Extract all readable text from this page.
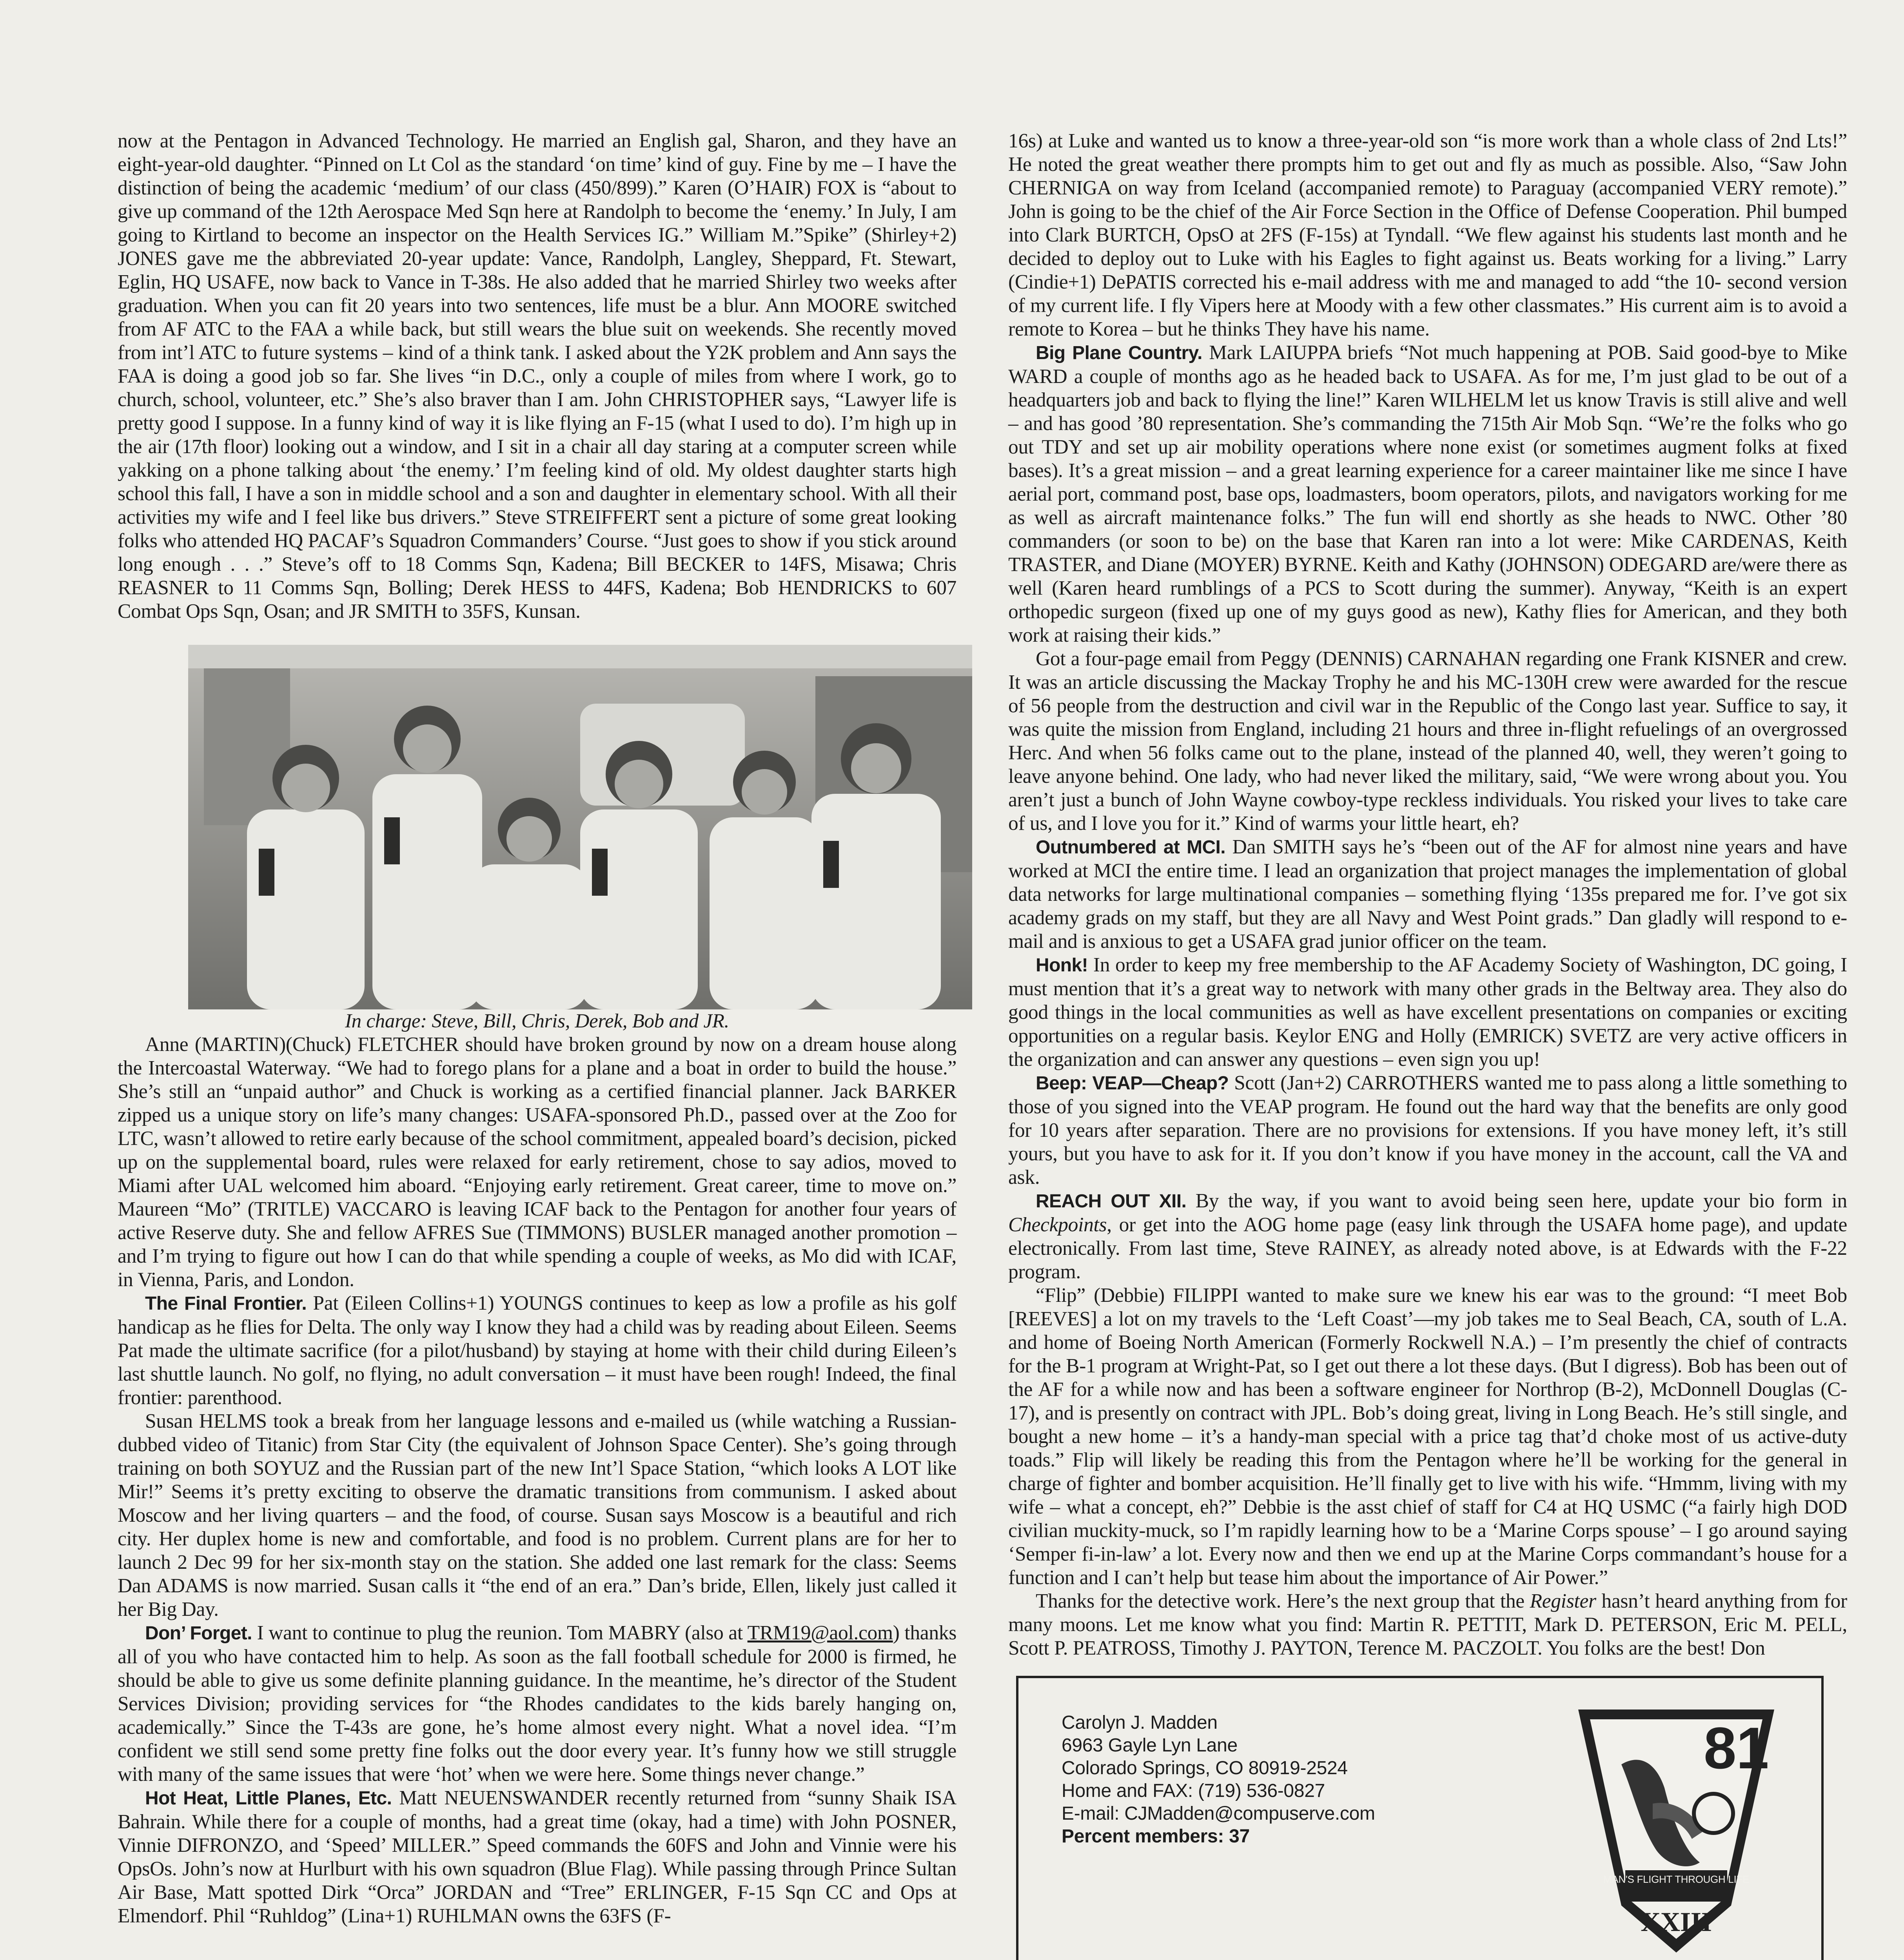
now at the Pentagon in Advanced Technology. He married an English gal, Sharon, and they have an eight-year-old daughter. “Pinned on Lt Col as the standard ‘on time’ kind of guy. Fine by me – I have the distinction of being the academic ‘medium’ of our class (450/899).” Karen (O’HAIR) FOX is “about to give up command of the 12th Aerospace Med Sqn here at Randolph to become the ‘enemy.’ In July, I am going to Kirtland to become an inspector on the Health Services IG.” William M.”Spike” (Shirley+2) JONES gave me the abbreviated 20-year update: Vance, Randolph, Langley, Sheppard, Ft. Stewart, Eglin, HQ USAFE, now back to Vance in T-38s. He also added that he married Shirley two weeks after graduation. When you can fit 20 years into two sentences, life must be a blur. Ann MOORE switched from AF ATC to the FAA a while back, but still wears the blue suit on weekends. She recently moved from int’l ATC to future systems – kind of a think tank. I asked about the Y2K problem and Ann says the FAA is doing a good job so far. She lives “in D.C., only a couple of miles from where I work, go to church, school, volunteer, etc.” She’s also braver than I am. John CHRISTOPHER says, “Lawyer life is pretty good I suppose. In a funny kind of way it is like flying an F-15 (what I used to do). I’m high up in the air (17th floor) looking out a window, and I sit in a chair all day staring at a computer screen while yakking on a phone talking about ‘the enemy.’ I’m feeling kind of old. My oldest daughter starts high school this fall, I have a son in middle school and a son and daughter in elementary school. With all their activities my wife and I feel like bus drivers.” Steve STREIFFERT sent a picture of some great looking folks who attended HQ PACAF’s Squadron Commanders’ Course. “Just goes to show if you stick around long enough . . .” Steve’s off to 18 Comms Sqn, Kadena; Bill BECKER to 14FS, Misawa; Chris REASNER to 11 Comms Sqn, Bolling; Derek HESS to 44FS, Kadena; Bob HENDRICKS to 607 Combat Ops Sqn, Osan; and JR SMITH to 35FS, Kunsan.

In charge: Steve, Bill, Chris, Derek, Bob and JR.

Anne (MARTIN)(Chuck) FLETCHER should have broken ground by now on a dream house along the Intercoastal Waterway. “We had to forego plans for a plane and a boat in order to build the house.” She’s still an “unpaid author” and Chuck is working as a certified financial planner. Jack BARKER zipped us a unique story on life’s many changes: USAFA-sponsored Ph.D., passed over at the Zoo for LTC, wasn’t allowed to retire early because of the school commitment, appealed board’s decision, picked up on the supplemental board, rules were relaxed for early retirement, chose to say adios, moved to Miami after UAL welcomed him aboard. “Enjoying early retirement. Great career, time to move on.” Maureen “Mo” (TRITLE) VACCARO is leaving ICAF back to the Pentagon for another four years of active Reserve duty. She and fellow AFRES Sue (TIMMONS) BUSLER managed another promotion – and I’m trying to figure out how I can do that while spending a couple of weeks, as Mo did with ICAF, in Vienna, Paris, and London.

The Final Frontier. Pat (Eileen Collins+1) YOUNGS continues to keep as low a profile as his golf handicap as he flies for Delta. The only way I know they had a child was by reading about Eileen. Seems Pat made the ultimate sacrifice (for a pilot/husband) by staying at home with their child during Eileen’s last shuttle launch. No golf, no flying, no adult conversation – it must have been rough! Indeed, the final frontier: parenthood.

Susan HELMS took a break from her language lessons and e-mailed us (while watching a Russian-dubbed video of Titanic) from Star City (the equivalent of Johnson Space Center). She’s going through training on both SOYUZ and the Russian part of the new Int’l Space Station, “which looks A LOT like Mir!” Seems it’s pretty exciting to observe the dramatic transitions from communism. I asked about Moscow and her living quarters – and the food, of course. Susan says Moscow is a beautiful and rich city. Her duplex home is new and comfortable, and food is no problem. Current plans are for her to launch 2 Dec 99 for her six-month stay on the station. She added one last remark for the class: Seems Dan ADAMS is now married. Susan calls it “the end of an era.” Dan’s bride, Ellen, likely just called it her Big Day.

Don’ Forget. I want to continue to plug the reunion. Tom MABRY (also at TRM19@aol.com) thanks all of you who have contacted him to help. As soon as the fall football schedule for 2000 is firmed, he should be able to give us some definite planning guidance. In the meantime, he’s director of the Student Services Division; providing services for “the Rhodes candidates to the kids barely hanging on, academically.” Since the T-43s are gone, he’s home almost every night. What a novel idea. “I’m confident we still send some pretty fine folks out the door every year. It’s funny how we still struggle with many of the same issues that were ‘hot’ when we were here. Some things never change.”

Hot Heat, Little Planes, Etc. Matt NEUENSWANDER recently returned from “sunny Shaik ISA Bahrain. While there for a couple of months, had a great time (okay, had a time) with John POSNER, Vinnie DIFRONZO, and ‘Speed’ MILLER.” Speed commands the 60FS and John and Vinnie were his OpsOs. John’s now at Hurlburt with his own squadron (Blue Flag). While passing through Prince Sultan Air Base, Matt spotted Dirk “Orca” JORDAN and “Tree” ERLINGER, F-15 Sqn CC and Ops at Elmendorf. Phil “Ruhldog” (Lina+1) RUHLMAN owns the 63FS (F-

16s) at Luke and wanted us to know a three-year-old son “is more work than a whole class of 2nd Lts!” He noted the great weather there prompts him to get out and fly as much as possible. Also, “Saw John CHERNIGA on way from Iceland (accompanied remote) to Paraguay (accompanied VERY remote).” John is going to be the chief of the Air Force Section in the Office of Defense Cooperation. Phil bumped into Clark BURTCH, OpsO at 2FS (F-15s) at Tyndall. “We flew against his students last month and he decided to deploy out to Luke with his Eagles to fight against us. Beats working for a living.” Larry (Cindie+1) DePATIS corrected his e-mail address with me and managed to add “the 10- second version of my current life. I fly Vipers here at Moody with a few other classmates.” His current aim is to avoid a remote to Korea – but he thinks They have his name.

Big Plane Country. Mark LAIUPPA briefs “Not much happening at POB. Said good-bye to Mike WARD a couple of months ago as he headed back to USAFA. As for me, I’m just glad to be out of a headquarters job and back to flying the line!” Karen WILHELM let us know Travis is still alive and well – and has good ’80 representation. She’s commanding the 715th Air Mob Sqn. “We’re the folks who go out TDY and set up air mobility operations where none exist (or sometimes augment folks at fixed bases). It’s a great mission – and a great learning experience for a career maintainer like me since I have aerial port, command post, base ops, loadmasters, boom operators, pilots, and navigators working for me as well as aircraft maintenance folks.” The fun will end shortly as she heads to NWC. Other ’80 commanders (or soon to be) on the base that Karen ran into a lot were: Mike CARDENAS, Keith TRASTER, and Diane (MOYER) BYRNE. Keith and Kathy (JOHNSON) ODEGARD are/were there as well (Karen heard rumblings of a PCS to Scott during the summer). Anyway, “Keith is an expert orthopedic surgeon (fixed up one of my guys good as new), Kathy flies for American, and they both work at raising their kids.”

Got a four-page email from Peggy (DENNIS) CARNAHAN regarding one Frank KISNER and crew. It was an article discussing the Mackay Trophy he and his MC-130H crew were awarded for the rescue of 56 people from the destruction and civil war in the Republic of the Congo last year. Suffice to say, it was quite the mission from England, including 21 hours and three in-flight refuelings of an overgrossed Herc. And when 56 folks came out to the plane, instead of the planned 40, well, they weren’t going to leave anyone behind. One lady, who had never liked the military, said, “We were wrong about you. You aren’t just a bunch of John Wayne cowboy-type reckless individuals. You risked your lives to take care of us, and I love you for it.” Kind of warms your little heart, eh?

Outnumbered at MCI. Dan SMITH says he’s “been out of the AF for almost nine years and have worked at MCI the entire time. I lead an organization that project manages the implementation of global data networks for large multinational companies – something flying ‘135s prepared me for. I’ve got six academy grads on my staff, but they are all Navy and West Point grads.” Dan gladly will respond to e-mail and is anxious to get a USAFA grad junior officer on the team.

Honk! In order to keep my free membership to the AF Academy Society of Washington, DC going, I must mention that it’s a great way to network with many other grads in the Beltway area. They also do good things in the local communities as well as have excellent presentations on companies or exciting opportunities on a regular basis. Keylor ENG and Holly (EMRICK) SVETZ are very active officers in the organization and can answer any questions – even sign you up!

Beep: VEAP—Cheap? Scott (Jan+2) CARROTHERS wanted me to pass along a little something to those of you signed into the VEAP program. He found out the hard way that the benefits are only good for 10 years after separation. There are no provisions for extensions. If you have money left, it’s still yours, but you have to ask for it. If you don’t know if you have money in the account, call the VA and ask.

REACH OUT XII. By the way, if you want to avoid being seen here, update your bio form in Checkpoints, or get into the AOG home page (easy link through the USAFA home page), and update electronically. From last time, Steve RAINEY, as already noted above, is at Edwards with the F-22 program.

“Flip” (Debbie) FILIPPI wanted to make sure we knew his ear was to the ground: “I meet Bob [REEVES] a lot on my travels to the ‘Left Coast’—my job takes me to Seal Beach, CA, south of L.A. and home of Boeing North American (Formerly Rockwell N.A.) – I’m presently the chief of contracts for the B-1 program at Wright-Pat, so I get out there a lot these days. (But I digress). Bob has been out of the AF for a while now and has been a software engineer for Northrop (B-2), McDonnell Douglas (C-17), and is presently on contract with JPL. Bob’s doing great, living in Long Beach. He’s still single, and bought a new home – it’s a handy-man special with a price tag that’d choke most of us active-duty toads.” Flip will likely be reading this from the Pentagon where he’ll be working for the general in charge of fighter and bomber acquisition. He’ll finally get to live with his wife. “Hmmm, living with my wife – what a concept, eh?” Debbie is the asst chief of staff for C4 at HQ USMC (“a fairly high DOD civilian muckity-muck, so I’m rapidly learning how to be a ‘Marine Corps spouse’ – I go around saying ‘Semper fi-in-law’ a lot. Every now and then we end up at the Marine Corps commandant’s house for a function and I can’t help but tease him about the importance of Air Power.”

Thanks for the detective work. Here’s the next group that the Register hasn’t heard anything from for many moons. Let me know what you find: Martin R. PETTIT, Mark D. PETERSON, Eric M. PELL, Scott P. PEATROSS, Timothy J. PAYTON, Terence M. PACZOLT. You folks are the best! Don

Carolyn J. Madden
6963 Gayle Lyn Lane
Colorado Springs, CO 80919-2524
Home and FAX: (719) 536-0827
E-mail: CJMadden@compuserve.com
Percent members: 37
81
MAN'S FLIGHT THROUGH LIFE
XXIII
